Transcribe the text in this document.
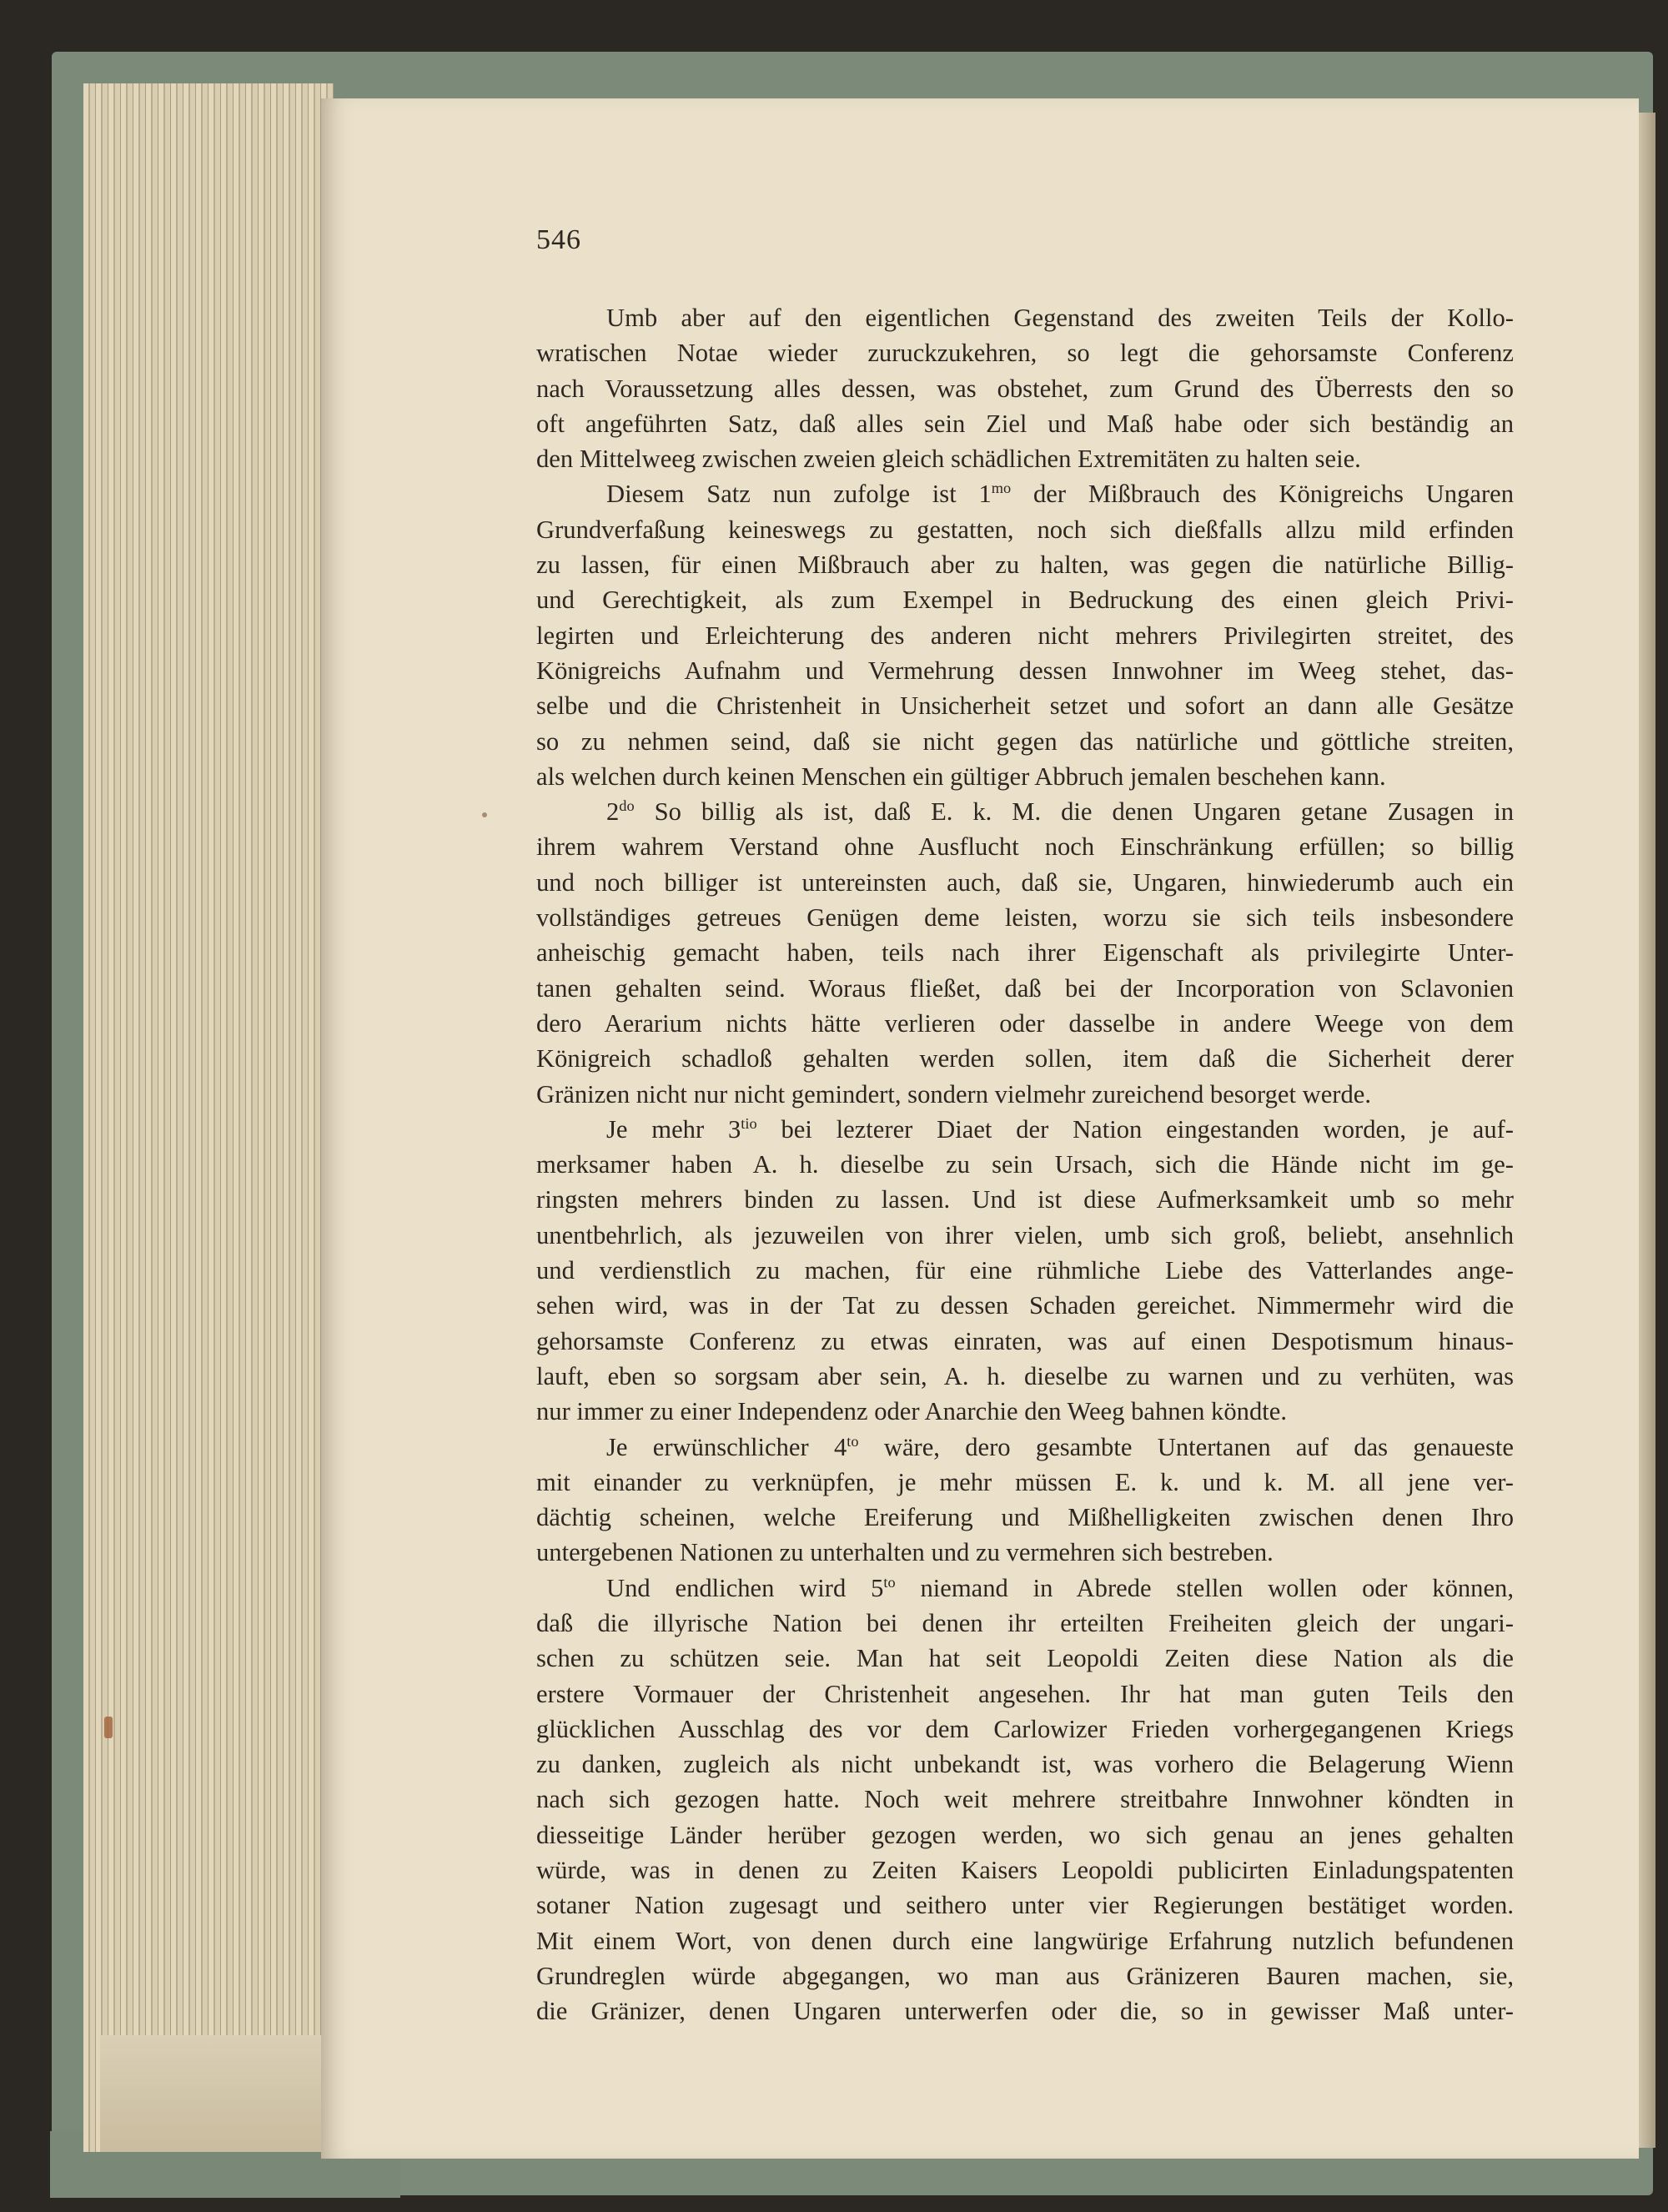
546
Umb aber auf den eigentlichen Gegenstand des zweiten Teils der Kollo-
wratischen Notae wieder zuruckzukehren, so legt die gehorsamste Conferenz
nach Voraussetzung alles dessen, was obstehet, zum Grund des Überrests den so
oft angeführten Satz, daß alles sein Ziel und Maß habe oder sich beständig an
den Mittelweeg zwischen zweien gleich schädlichen Extremitäten zu halten seie.
Diesem Satz nun zufolge ist $1^{mo}$ der Mißbrauch des Königreichs Ungaren
Grundverfaßung keineswegs zu gestatten, noch sich dießfalls allzu mild erfinden
zu lassen, für einen Mißbrauch aber zu halten, was gegen die natürliche Billig-
und Gerechtigkeit, als zum Exempel in Bedruckung des einen gleich Privi-
legirten und Erleichterung des anderen nicht mehrers Privilegirten streitet, des
Königreichs Aufnahm und Vermehrung dessen Innwohner im Weeg stehet, das-
selbe und die Christenheit in Unsicherheit setzet und sofort an dann alle Gesätze
so zu nehmen seind, daß sie nicht gegen das natürliche und göttliche streiten,
als welchen durch keinen Menschen ein gültiger Abbruch jemalen beschehen kann.
$2^{do}$ So billig als ist, daß E. k. M. die denen Ungaren getane Zusagen in
ihrem wahrem Verstand ohne Ausflucht noch Einschränkung erfüllen; so billig
und noch billiger ist untereinsten auch, daß sie, Ungaren, hinwiederumb auch ein
vollständiges getreues Genügen deme leisten, worzu sie sich teils insbesondere
anheischig gemacht haben, teils nach ihrer Eigenschaft als privilegirte Unter-
tanen gehalten seind. Woraus fließet, daß bei der Incorporation von Sclavonien
dero Aerarium nichts hätte verlieren oder dasselbe in andere Weege von dem
Königreich schadloß gehalten werden sollen, item daß die Sicherheit derer
Gränizen nicht nur nicht gemindert, sondern vielmehr zureichend besorget werde.
Je mehr $3^{tio}$ bei lezterer Diaet der Nation eingestanden worden, je auf-
merksamer haben A. h. dieselbe zu sein Ursach, sich die Hände nicht im ge-
ringsten mehrers binden zu lassen. Und ist diese Aufmerksamkeit umb so mehr
unentbehrlich, als jezuweilen von ihrer vielen, umb sich groß, beliebt, ansehnlich
und verdienstlich zu machen, für eine rühmliche Liebe des Vatterlandes ange-
sehen wird, was in der Tat zu dessen Schaden gereichet. Nimmermehr wird die
gehorsamste Conferenz zu etwas einraten, was auf einen Despotismum hinaus-
lauft, eben so sorgsam aber sein, A. h. dieselbe zu warnen und zu verhüten, was
nur immer zu einer Independenz oder Anarchie den Weeg bahnen köndte.
Je erwünschlicher $4^{to}$ wäre, dero gesambte Untertanen auf das genaueste
mit einander zu verknüpfen, je mehr müssen E. k. und k. M. all jene ver-
dächtig scheinen, welche Ereiferung und Mißhelligkeiten zwischen denen Ihro
untergebenen Nationen zu unterhalten und zu vermehren sich bestreben.
Und endlichen wird $5^{to}$ niemand in Abrede stellen wollen oder können,
daß die illyrische Nation bei denen ihr erteilten Freiheiten gleich der ungari-
schen zu schützen seie. Man hat seit Leopoldi Zeiten diese Nation als die
erstere Vormauer der Christenheit angesehen. Ihr hat man guten Teils den
glücklichen Ausschlag des vor dem Carlowizer Frieden vorhergegangenen Kriegs
zu danken, zugleich als nicht unbekandt ist, was vorhero die Belagerung Wienn
nach sich gezogen hatte. Noch weit mehrere streitbahre Innwohner köndten in
diesseitige Länder herüber gezogen werden, wo sich genau an jenes gehalten
würde, was in denen zu Zeiten Kaisers Leopoldi publicirten Einladungspatenten
sotaner Nation zugesagt und seithero unter vier Regierungen bestätiget worden.
Mit einem Wort, von denen durch eine langwürige Erfahrung nutzlich befundenen
Grundreglen würde abgegangen, wo man aus Gränizeren Bauren machen, sie,
die Gränizer, denen Ungaren unterwerfen oder die, so in gewisser Maß unter-
